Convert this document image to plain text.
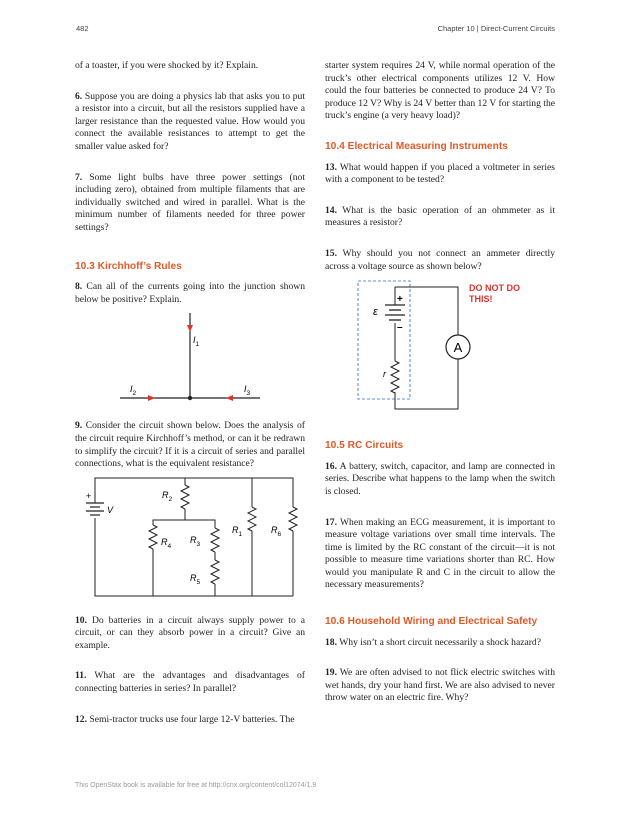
482	Chapter 10 | Direct-Current Circuits

of a toaster, if you were shocked by it? Explain.

6. Suppose you are doing a physics lab that asks you to put a resistor into a circuit, but all the resistors supplied have a larger resistance than the requested value. How would you connect the available resistances to attempt to get the smaller value asked for?

7. Some light bulbs have three power settings (not including zero), obtained from multiple filaments that are individually switched and wired in parallel. What is the minimum number of filaments needed for three power settings?

10.3 Kirchhoff’s Rules

8. Can all of the currents going into the junction shown below be positive? Explain.

$I_1$
$I_2$	$I_3$

9. Consider the circuit shown below. Does the analysis of the circuit require Kirchhoff’s method, or can it be redrawn to simplify the circuit? If it is a circuit of series and parallel connections, what is the equivalent resistance?

+
V
$R_2$
$R_4$
$R_3$
$R_5$
$R_1$	$R_6$

10. Do batteries in a circuit always supply power to a circuit, or can they absorb power in a circuit? Give an example.

11. What are the advantages and disadvantages of connecting batteries in series? In parallel?

12. Semi-tractor trucks use four large 12-V batteries. The

starter system requires 24 V, while normal operation of the truck’s other electrical components utilizes 12 V. How could the four batteries be connected to produce 24 V? To produce 12 V? Why is 24 V better than 12 V for starting the truck’s engine (a very heavy load)?

10.4 Electrical Measuring Instruments

13. What would happen if you placed a voltmeter in series with a component to be tested?

14. What is the basic operation of an ohmmeter as it measures a resistor?

15. Why should you not connect an ammeter directly across a voltage source as shown below?

+
–
ε
r
A
DO NOT DO
THIS!
10.5 RC Circuits

16. A battery, switch, capacitor, and lamp are connected in series. Describe what happens to the lamp when the switch is closed.

17. When making an ECG measurement, it is important to measure voltage variations over small time intervals. The time is limited by the RC constant of the circuit—it is not possible to measure time variations shorter than RC. How would you manipulate R and C in the circuit to allow the necessary measurements?

10.6 Household Wiring and Electrical Safety

18. Why isn’t a short circuit necessarily a shock hazard?

19. We are often advised to not flick electric switches with wet hands, dry your hand first. We are also advised to never throw water on an electric fire. Why?

This OpenStax book is available for free at http://cnx.org/content/col12074/1.9
